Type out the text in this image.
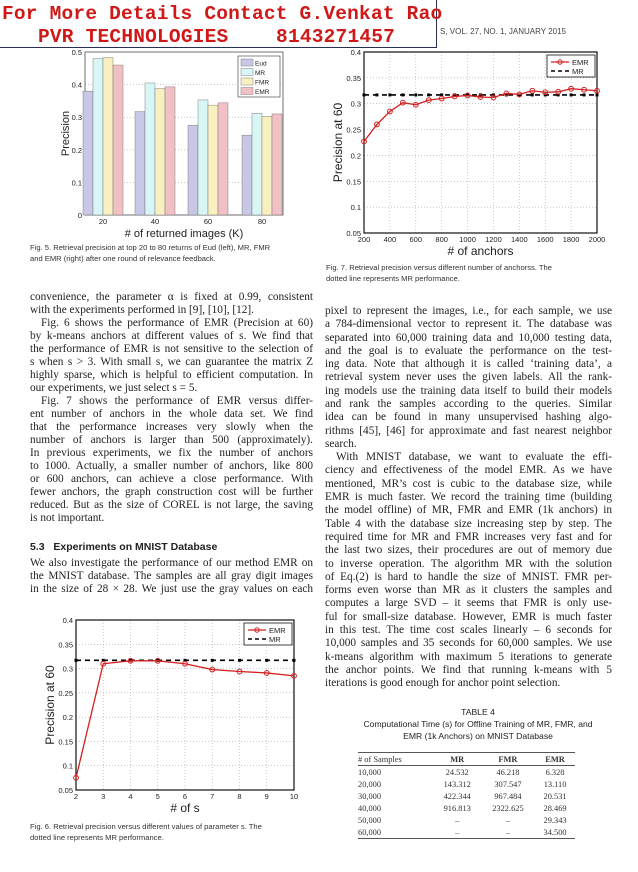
For More Details Contact G.Venkat Rao
PVR TECHNOLOGIES    8143271457	S, VOL. 27, NO. 1, JANUARY 2015
0
0.1
0.2
0.3
0.4
0.5
20	40	60	80
# of returned images (K)
Precision
Eud
MR
FMR
EMR
0.05
0.1
0.15
0.2
0.25
0.3
0.35
0.4
2	3	4	5	6	7	8	9	10
# of s
Precision at 60
EMR
MR
0.05
0.1
0.15
0.2
0.25
0.3
0.35
0.4
200 400 600 800 1000 1200 1400 1600 1800 2000
# of anchors
Precision at 60
EMR
MR
Fig. 5. Retrieval precision at top 20 to 80 returns of Eud (left), MR, FMR
and EMR (right) after one round of relevance feedback.
Fig. 7. Retrieval precision versus different number of anchorss. The
dotted line represents MR performance.
Fig. 6. Retrieval precision versus different values of parameter s. The
dotted line represents MR performance.
convenience, the parameter α is fixed at 0.99, consistent
with the experiments performed in [9], [10], [12].
Fig. 6 shows the performance of EMR (Precision at 60)
by k-means anchors at different values of s. We find that
the performance of EMR is not sensitive to the selection of
s when s > 3. With small s, we can guarantee the matrix Z
highly sparse, which is helpful to efficient computation. In
our experiments, we just select s = 5.
Fig. 7 shows the performance of EMR versus differ-
ent number of anchors in the whole data set. We find
that the performance increases very slowly when the
number of anchors is larger than 500 (approximately).
In previous experiments, we fix the number of anchors
to 1000. Actually, a smaller number of anchors, like 800
or 600 anchors, can achieve a close performance. With
fewer anchors, the graph construction cost will be further
reduced. But as the size of COREL is not large, the saving
is not important.
5.3   Experiments on MNIST Database
We also investigate the performance of our method EMR on
the MNIST database. The samples are all gray digit images
in the size of 28 × 28. We just use the gray values on each
pixel to represent the images, i.e., for each sample, we use
a 784-dimensional vector to represent it. The database was
separated into 60,000 training data and 10,000 testing data,
and the goal is to evaluate the performance on the test-
ing data. Note that although it is called ‘training data’, a
retrieval system never uses the given labels. All the rank-
ing models use the training data itself to build their models
and rank the samples according to the queries. Similar
idea can be found in many unsupervised hashing algo-
rithms [45], [46] for approximate and fast nearest neighbor
search.
With MNIST database, we want to evaluate the effi-
ciency and effectiveness of the model EMR. As we have
mentioned, MR’s cost is cubic to the database size, while
EMR is much faster. We record the training time (building
the model offline) of MR, FMR and EMR (1k anchors) in
Table 4 with the database size increasing step by step. The
required time for MR and FMR increases very fast and for
the last two sizes, their procedures are out of memory due
to inverse operation. The algorithm MR with the solution
of Eq.(2) is hard to handle the size of MNIST. FMR per-
forms even worse than MR as it clusters the samples and
computes a large SVD – it seems that FMR is only use-
ful for small-size database. However, EMR is much faster
in this test. The time cost scales linearly – 6 seconds for
10,000 samples and 35 seconds for 60,000 samples. We use
k-means algorithm with maximum 5 iterations to generate
the anchor points. We find that running k-means with 5
iterations is good enough for anchor point selection.
TABLE 4
Computational Time (s) for Offline Training of MR, FMR, and
EMR (1k Anchors) on MNIST Database
# of Samples	MR	FMR	EMR
10,000	24.532	46.218	6.328
20,000	143.312	307.547	13.110
30,000	422.344	967.484	20.531
40,000	916.813	2322.625	28.469
50,000	–	–	29.343
60,000	–	–	34.500
